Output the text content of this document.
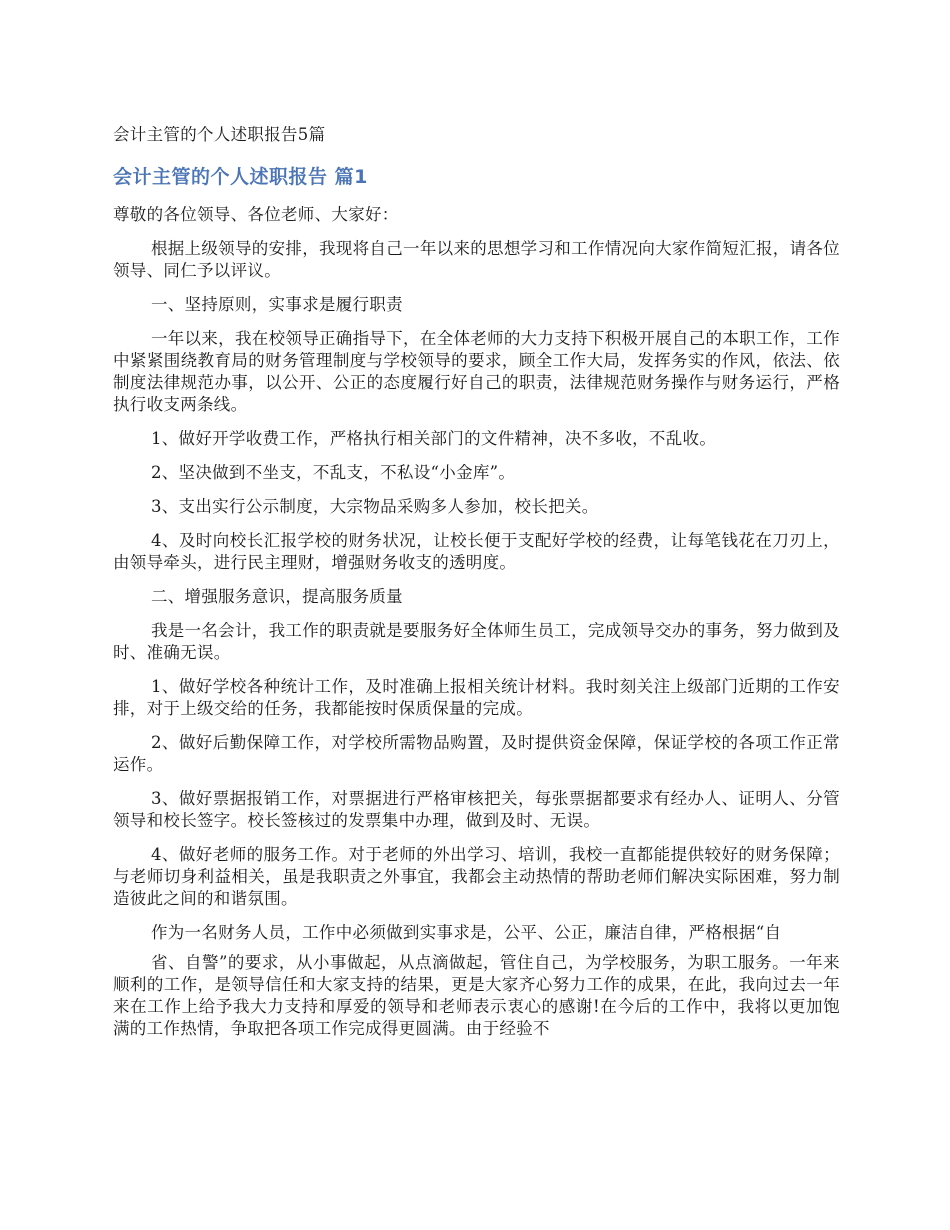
会计主管的个人述职报告5篇

会计主管的个人述职报告 篇1

尊敬的各位领导、各位老师、大家好：

根据上级领导的安排，我现将自己一年以来的思想学习和工作情况向大家作简短汇报，请各位领导、同仁予以评议。

一、坚持原则，实事求是履行职责

一年以来，我在校领导正确指导下，在全体老师的大力支持下积极开展自己的本职工作，工作中紧紧围绕教育局的财务管理制度与学校领导的要求，顾全工作大局，发挥务实的作风，依法、依制度法律规范办事，以公开、公正的态度履行好自己的职责，法律规范财务操作与财务运行，严格执行收支两条线。

1、做好开学收费工作，严格执行相关部门的文件精神，决不多收，不乱收。

2、坚决做到不坐支，不乱支，不私设“小金库”。

3、支出实行公示制度，大宗物品采购多人参加，校长把关。

4、及时向校长汇报学校的财务状况，让校长便于支配好学校的经费，让每笔钱花在刀刃上，由领导牵头，进行民主理财，增强财务收支的透明度。

二、增强服务意识，提高服务质量

我是一名会计，我工作的职责就是要服务好全体师生员工，完成领导交办的事务，努力做到及时、准确无误。

1、做好学校各种统计工作，及时准确上报相关统计材料。我时刻关注上级部门近期的工作安排，对于上级交给的任务，我都能按时保质保量的完成。

2、做好后勤保障工作，对学校所需物品购置，及时提供资金保障，保证学校的各项工作正常运作。

3、做好票据报销工作，对票据进行严格审核把关，每张票据都要求有经办人、证明人、分管领导和校长签字。校长签核过的发票集中办理，做到及时、无误。

4、做好老师的服务工作。对于老师的外出学习、培训，我校一直都能提供较好的财务保障；与老师切身利益相关，虽是我职责之外事宜，我都会主动热情的帮助老师们解决实际困难，努力制造彼此之间的和谐氛围。

作为一名财务人员，工作中必须做到实事求是，公平、公正，廉洁自律，严格根据“自

省、自警”的要求，从小事做起，从点滴做起，管住自己，为学校服务，为职工服务。一年来顺利的工作，是领导信任和大家支持的结果，更是大家齐心努力工作的成果，在此，我向过去一年来在工作上给予我大力支持和厚爱的领导和老师表示衷心的感谢!在今后的工作中，我将以更加饱满的工作热情，争取把各项工作完成得更圆满。由于经验不
